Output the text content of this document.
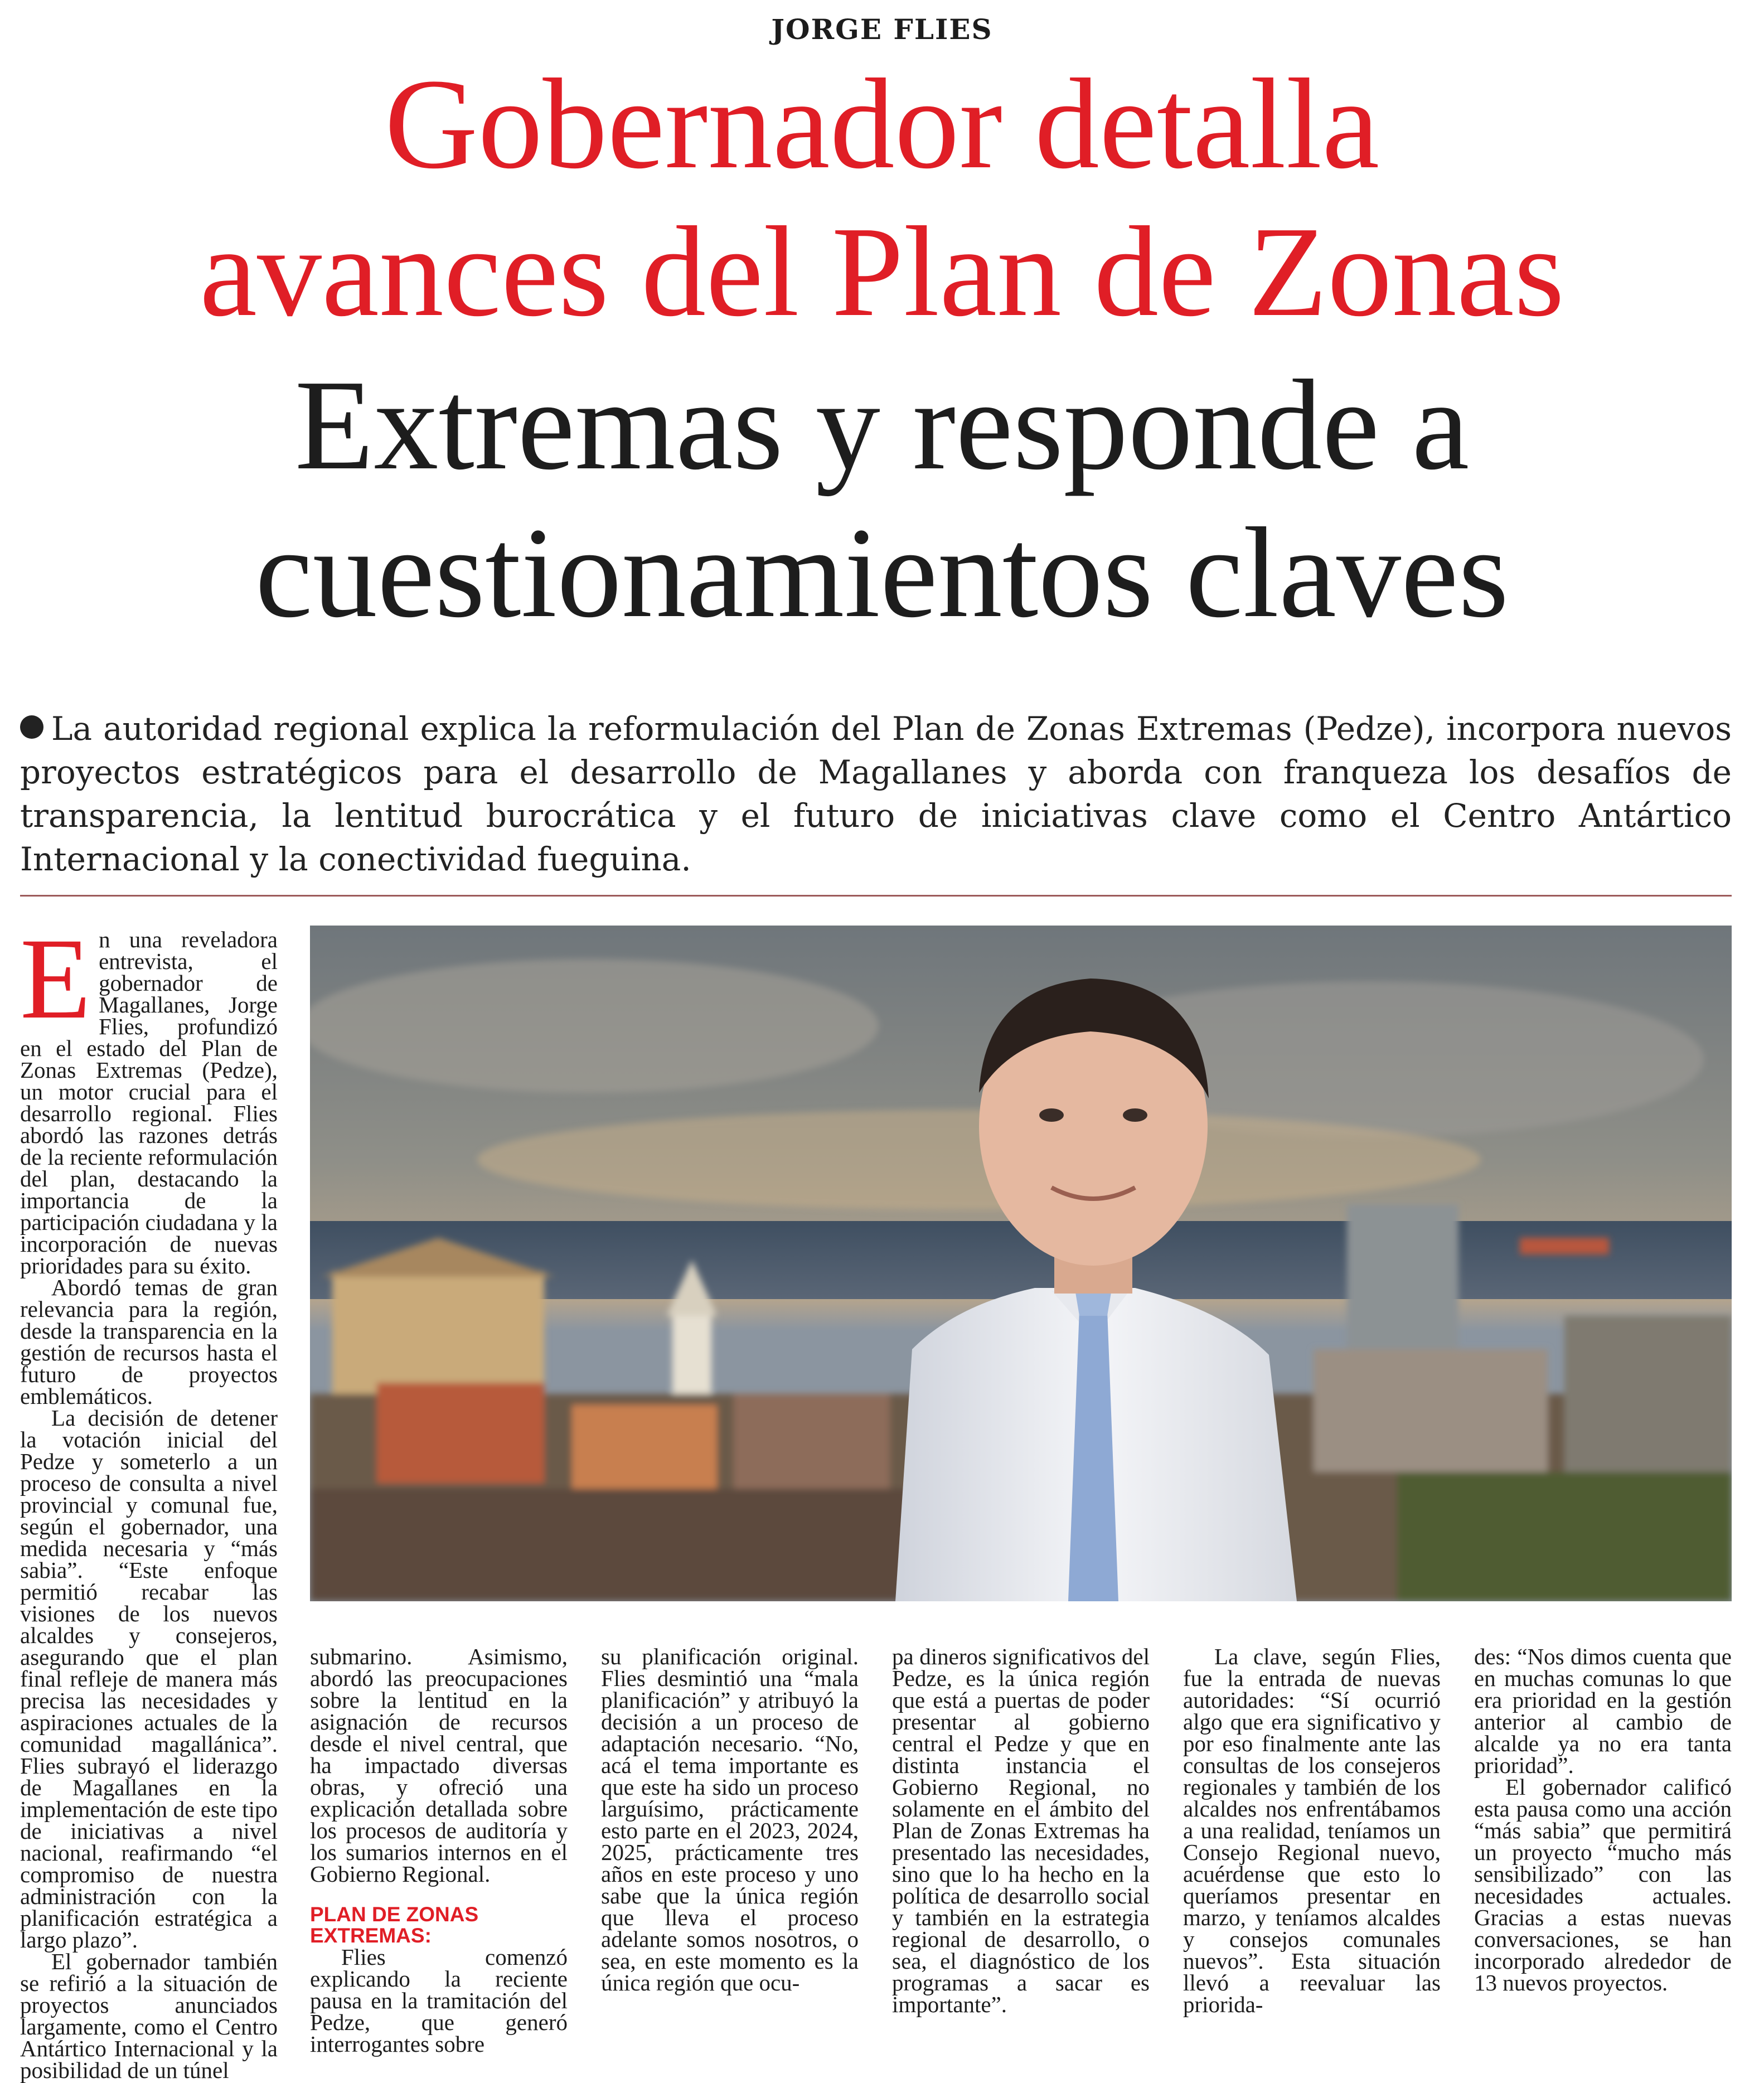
JORGE FLIES
Gobernador detalla
avances del Plan de Zonas
Extremas y responde a
cuestionamientos claves
La autoridad regional explica la reformulación del Plan de Zonas Extremas (Pedze), incorpora nuevos proyectos estratégicos para el desarrollo de Magallanes y aborda con franqueza los desafíos de transparencia, la lentitud burocrática y el futuro de iniciativas clave como el Centro Antártico Internacional y la conectividad fueguina.

En una reveladora entrevista, el gobernador de Magallanes, Jorge Flies, profundizó en el estado del Plan de Zonas Extremas (Pedze), un motor crucial para el desarrollo regional. Flies abordó las razones detrás de la reciente reformulación del plan, destacando la importancia de la participación ciudadana y la incorporación de nuevas prioridades para su éxito.

Abordó temas de gran relevancia para la región, desde la transparencia en la gestión de recursos hasta el futuro de proyectos emblemáticos.

La decisión de detener la votación inicial del Pedze y someterlo a un proceso de consulta a nivel provincial y comunal fue, según el gobernador, una medida necesaria y “más sabia”. “Este enfoque permitió recabar las visiones de los nuevos alcaldes y consejeros, asegurando que el plan final refleje de manera más precisa las necesidades y aspiraciones actuales de la comunidad magallánica”. Flies subrayó el liderazgo de Magallanes en la implementación de este tipo de iniciativas a nivel nacional, reafirmando “el compromiso de nuestra administración con la planificación estratégica a largo plazo”.

El gobernador también se refirió a la situación de proyectos anunciados largamente, como el Centro Antártico Internacional y la posibilidad de un túnel

submarino. Asimismo, abordó las preocupaciones sobre la lentitud en la asignación de recursos desde el nivel central, que ha impactado diversas obras, y ofreció una explicación detallada sobre los procesos de auditoría y los sumarios internos en el Gobierno Regional.

PLAN DE ZONAS EXTREMAS:

Flies comenzó explicando la reciente pausa en la tramitación del Pedze, que generó interrogantes sobre

su planificación original. Flies desmintió una “mala planificación” y atribuyó la decisión a un proceso de adaptación necesario. “No, acá el tema importante es que este ha sido un proceso larguísimo, prácticamente esto parte en el 2023, 2024, 2025, prácticamente tres años en este proceso y uno sabe que la única región que lleva el proceso adelante somos nosotros, o sea, en este momento es la única región que ocu-

pa dineros significativos del Pedze, es la única región que está a puertas de poder presentar al gobierno central el Pedze y que en distinta instancia el Gobierno Regional, no solamente en el ámbito del Plan de Zonas Extremas ha presentado las necesidades, sino que lo ha hecho en la política de desarrollo social y también en la estrategia regional de desarrollo, o sea, el diagnóstico de los programas a sacar es importante”.

La clave, según Flies, fue la entrada de nuevas autoridades: “Sí ocurrió algo que era significativo y por eso finalmente ante las consultas de los consejeros regionales y también de los alcaldes nos enfrentábamos a una realidad, teníamos un Consejo Regional nuevo, acuérdense que esto lo queríamos presentar en marzo, y teníamos alcaldes y consejos comunales nuevos”. Esta situación llevó a reevaluar las priorida-

des: “Nos dimos cuenta que en muchas comunas lo que era prioridad en la gestión anterior al cambio de alcalde ya no era tanta prioridad”.

El gobernador calificó esta pausa como una acción “más sabia” que permitirá un proyecto “mucho más sensibilizado” con las necesidades actuales. Gracias a estas nuevas conversaciones, se han incorporado alrededor de 13 nuevos proyectos.
